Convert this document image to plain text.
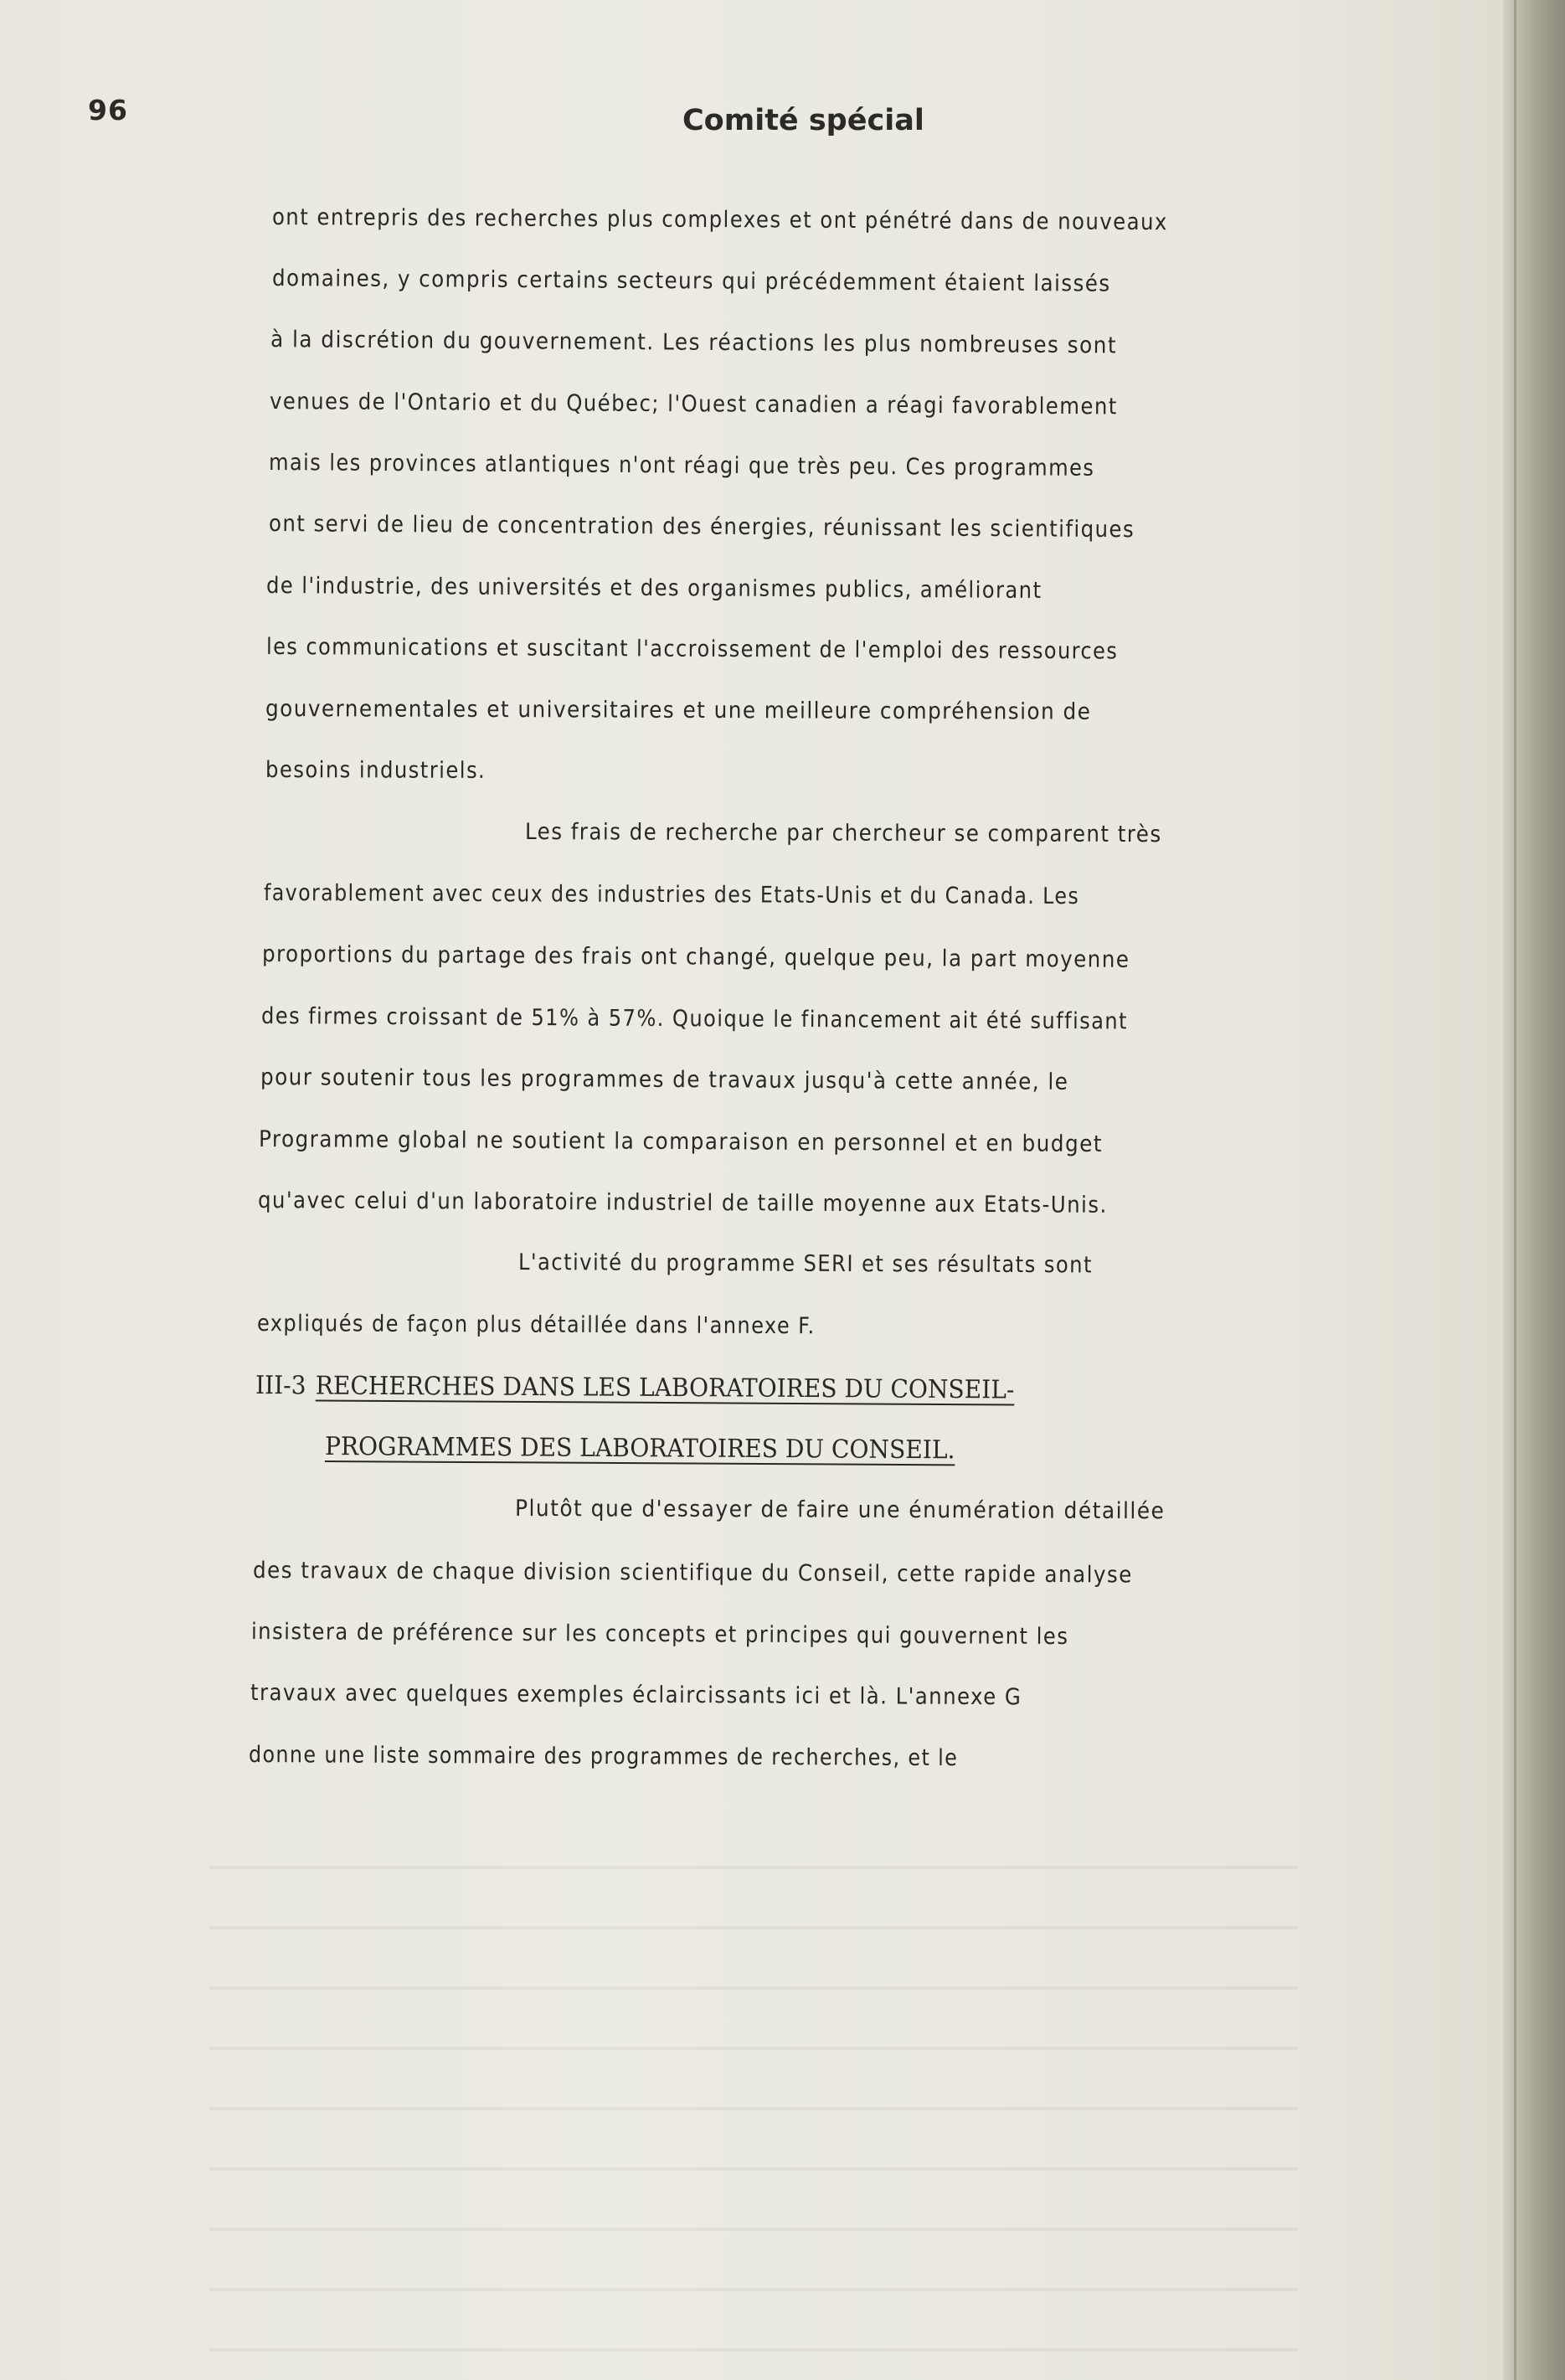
96	Comité spécial
ont entrepris des recherches plus complexes et ont pénétré dans de nouveaux
domaines, y compris certains secteurs qui précédemment étaient laissés
à la discrétion du gouvernement. Les réactions les plus nombreuses sont
venues de l'Ontario et du Québec; l'Ouest canadien a réagi favorablement
mais les provinces atlantiques n'ont réagi que très peu. Ces programmes
ont servi de lieu de concentration des énergies, réunissant les scientifiques
de l'industrie, des universités et des organismes publics, améliorant
les communications et suscitant l'accroissement de l'emploi des ressources
gouvernementales et universitaires et une meilleure compréhension de
besoins industriels.
Les frais de recherche par chercheur se comparent très
favorablement avec ceux des industries des Etats-Unis et du Canada. Les
proportions du partage des frais ont changé, quelque peu, la part moyenne
des firmes croissant de 51% à 57%. Quoique le financement ait été suffisant
pour soutenir tous les programmes de travaux jusqu'à cette année, le
Programme global ne soutient la comparaison en personnel et en budget
qu'avec celui d'un laboratoire industriel de taille moyenne aux Etats-Unis.
L'activité du programme SERI et ses résultats sont
expliqués de façon plus détaillée dans l'annexe F.
III-3 RECHERCHES DANS LES LABORATOIRES DU CONSEIL-
PROGRAMMES DES LABORATOIRES DU CONSEIL.
Plutôt que d'essayer de faire une énumération détaillée
des travaux de chaque division scientifique du Conseil, cette rapide analyse
insistera de préférence sur les concepts et principes qui gouvernent les
travaux avec quelques exemples éclaircissants ici et là. L'annexe G
donne une liste sommaire des programmes de recherches, et le
